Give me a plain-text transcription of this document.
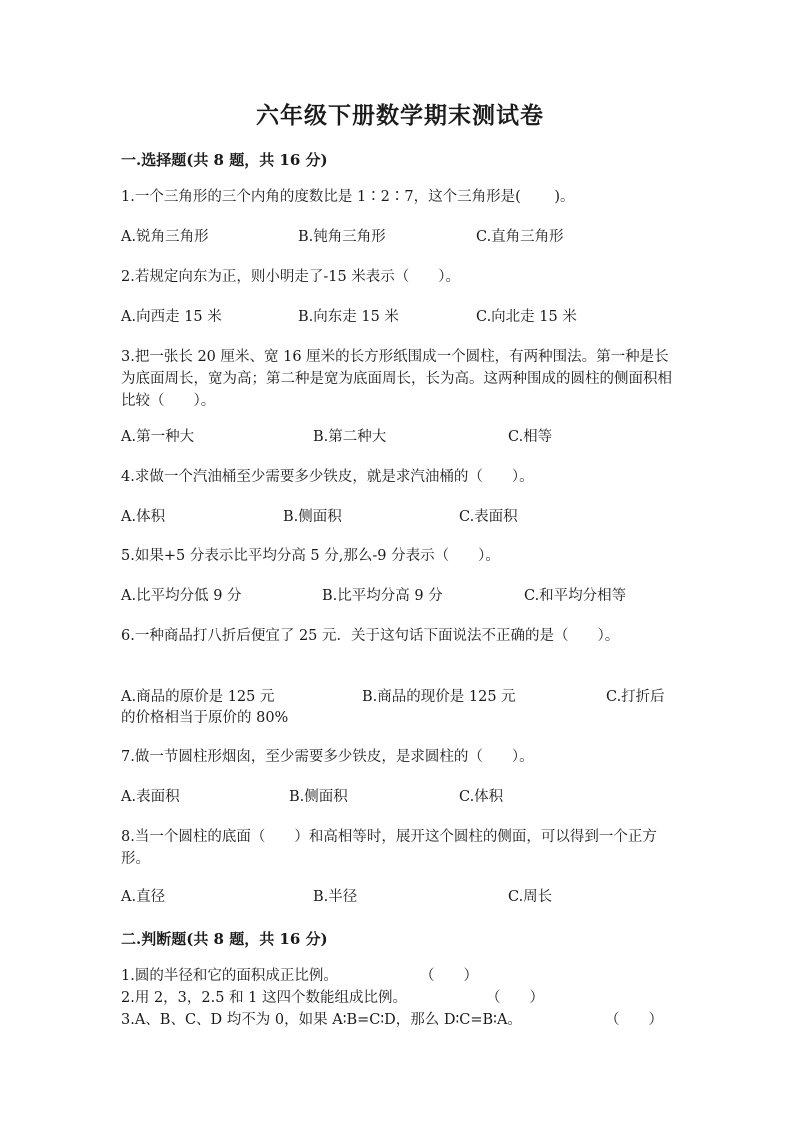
六年级下册数学期末测试卷
一.选择题(共 8 题，共 16 分)
1.一个三角形的三个内角的度数比是 1∶2∶7，这个三角形是(　　 )。
A.锐角三角形	B.钝角三角形	C.直角三角形
2.若规定向东为正，则小明走了-15 米表示（　　）。
A.向西走 15 米	B.向东走 15 米	C.向北走 15 米
3.把一张长 20 厘米、宽 16 厘米的长方形纸围成一个圆柱，有两种围法。第一种是长为底面周长，宽为高；第二种是宽为底面周长，长为高。这两种围成的圆柱的侧面积相比较（　　）。
A.第一种大	B.第二种大	C.相等
4.求做一个汽油桶至少需要多少铁皮，就是求汽油桶的（　　）。
A.体积	B.侧面积	C.表面积
5.如果+5 分表示比平均分高 5 分,那么-9 分表示（　　）。
A.比平均分低 9 分	B.比平均分高 9 分	C.和平均分相等
6.一种商品打八折后便宜了 25 元．关于这句话下面说法不正确的是（　　）。
A.商品的原价是 125 元	B.商品的现价是 125 元	C.打折后
的价格相当于原价的 80%
7.做一节圆柱形烟囱，至少需要多少铁皮，是求圆柱的（　　）。
A.表面积	B.侧面积	C.体积
8.当一个圆柱的底面（　　）和高相等时，展开这个圆柱的侧面，可以得到一个正方形。
A.直径	B.半径	C.周长
二.判断题(共 8 题，共 16 分)
1.圆的半径和它的面积成正比例。	（　　）
2.用 2，3，2.5 和 1 这四个数能组成比例。	（　　）
3.A、B、C、D 均不为 0，如果 A∶B=C∶D，那么 D∶C=B∶A。	（　　）
